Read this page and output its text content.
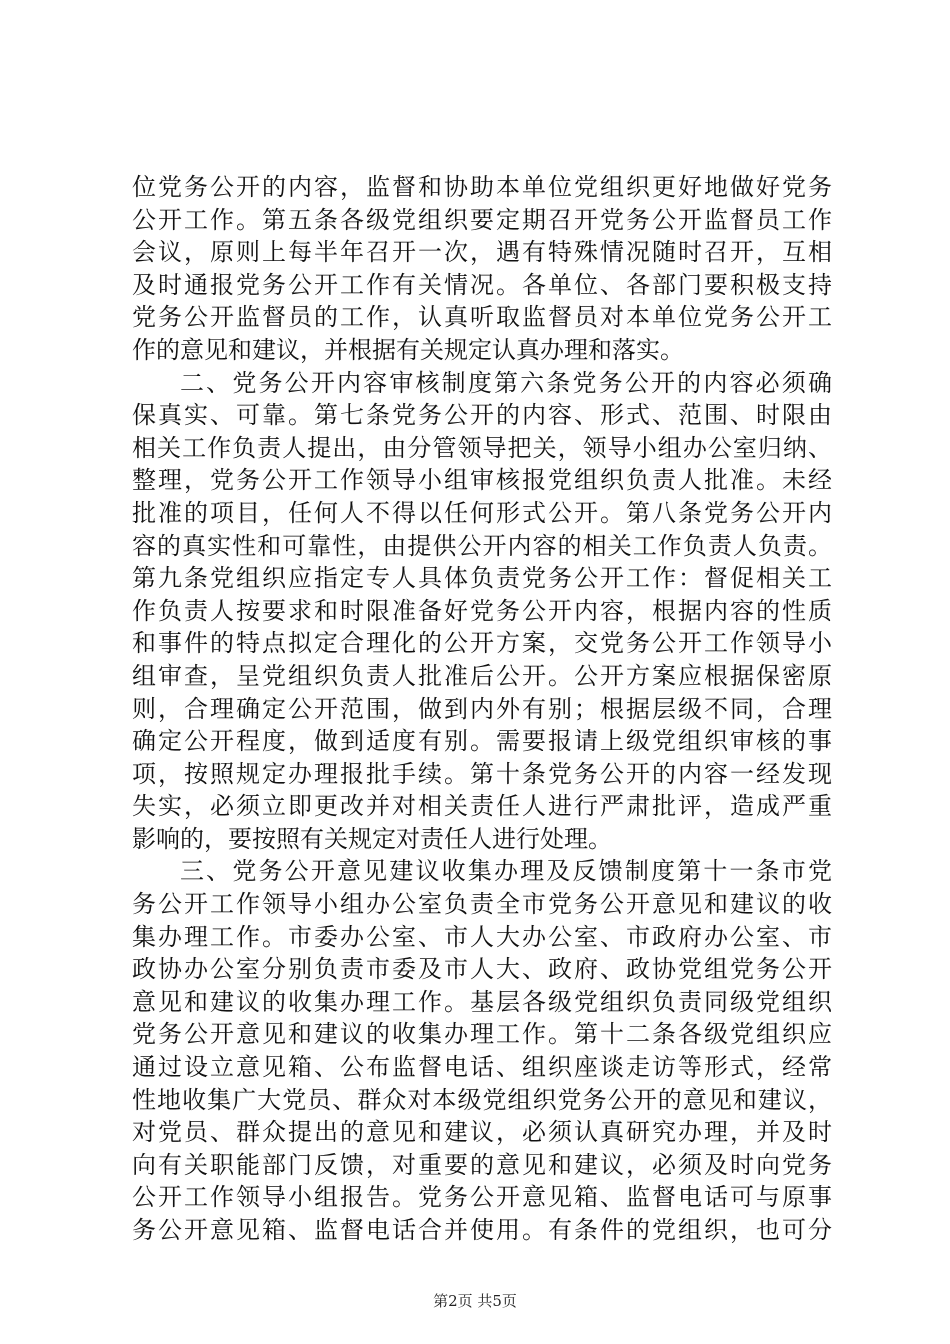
位党务公开的内容，监督和协助本单位党组织更好地做好党务
公开工作。第五条各级党组织要定期召开党务公开监督员工作
会议，原则上每半年召开一次，遇有特殊情况随时召开，互相
及时通报党务公开工作有关情况。各单位、各部门要积极支持
党务公开监督员的工作，认真听取监督员对本单位党务公开工
作的意见和建议，并根据有关规定认真办理和落实。
二、党务公开内容审核制度第六条党务公开的内容必须确
保真实、可靠。第七条党务公开的内容、形式、范围、时限由
相关工作负责人提出，由分管领导把关，领导小组办公室归纳、
整理，党务公开工作领导小组审核报党组织负责人批准。未经
批准的项目，任何人不得以任何形式公开。第八条党务公开内
容的真实性和可靠性，由提供公开内容的相关工作负责人负责。
第九条党组织应指定专人具体负责党务公开工作：督促相关工
作负责人按要求和时限准备好党务公开内容，根据内容的性质
和事件的特点拟定合理化的公开方案，交党务公开工作领导小
组审查，呈党组织负责人批准后公开。公开方案应根据保密原
则，合理确定公开范围，做到内外有别；根据层级不同，合理
确定公开程度，做到适度有别。需要报请上级党组织审核的事
项，按照规定办理报批手续。第十条党务公开的内容一经发现
失实，必须立即更改并对相关责任人进行严肃批评，造成严重
影响的，要按照有关规定对责任人进行处理。
三、党务公开意见建议收集办理及反馈制度第十一条市党
务公开工作领导小组办公室负责全市党务公开意见和建议的收
集办理工作。市委办公室、市人大办公室、市政府办公室、市
政协办公室分别负责市委及市人大、政府、政协党组党务公开
意见和建议的收集办理工作。基层各级党组织负责同级党组织
党务公开意见和建议的收集办理工作。第十二条各级党组织应
通过设立意见箱、公布监督电话、组织座谈走访等形式，经常
性地收集广大党员、群众对本级党组织党务公开的意见和建议，
对党员、群众提出的意见和建议，必须认真研究办理，并及时
向有关职能部门反馈，对重要的意见和建议，必须及时向党务
公开工作领导小组报告。党务公开意见箱、监督电话可与原事
务公开意见箱、监督电话合并使用。有条件的党组织，也可分
第2页 共5页
